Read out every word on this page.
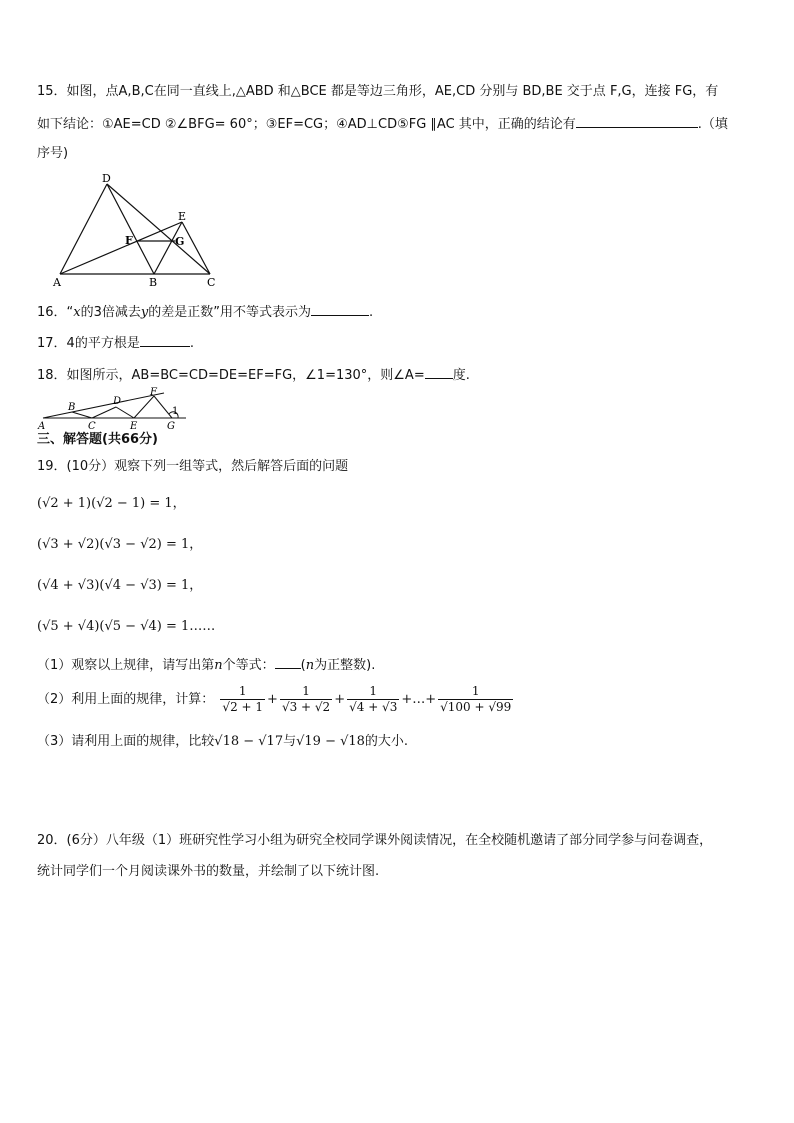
15．如图，点A,B,C在同一直线上,△ABD 和△BCE 都是等边三角形，AE,CD 分别与 BD,BE 交于点 F,G，连接 FG，有
如下结论：①AE=CD ②∠BFG= 60°；③EF=CG；④AD⊥CD⑤FG ∥AC 其中，正确的结论有	.（填
序号)
A	B	C
D
E
F	G
16．“x的3倍减去y的差是正数”用不等式表示为	.
17．4的平方根是	.
18．如图所示，AB=BC=CD=DE=EF=FG，∠1=130°，则∠A= 度.
A
B
C
D
E
F
G
1
三、解答题(共66分)
19．(10分）观察下列一组等式，然后解答后面的问题
(√2 + 1)(√2 − 1) = 1，
(√3 + √2)(√3 − √2) = 1，
(√4 + √3)(√4 − √3) = 1，
(√5 + √4)(√5 − √4) = 1……
（1）观察以上规律，请写出第n个等式： (n为正整数).
（2）利用上面的规律，计算： $\frac{1}{√2 + 1} + \frac{1}{√3 + √2} + \frac{1}{√4 + √3}$ +…+ $\frac{1}{√100 + √99}$
（3）请利用上面的规律，比较√18 − √17与√19 − √18的大小.
20．(6分）八年级（1）班研究性学习小组为研究全校同学课外阅读情况，在全校随机邀请了部分同学参与问卷调查，
统计同学们一个月阅读课外书的数量，并绘制了以下统计图.
